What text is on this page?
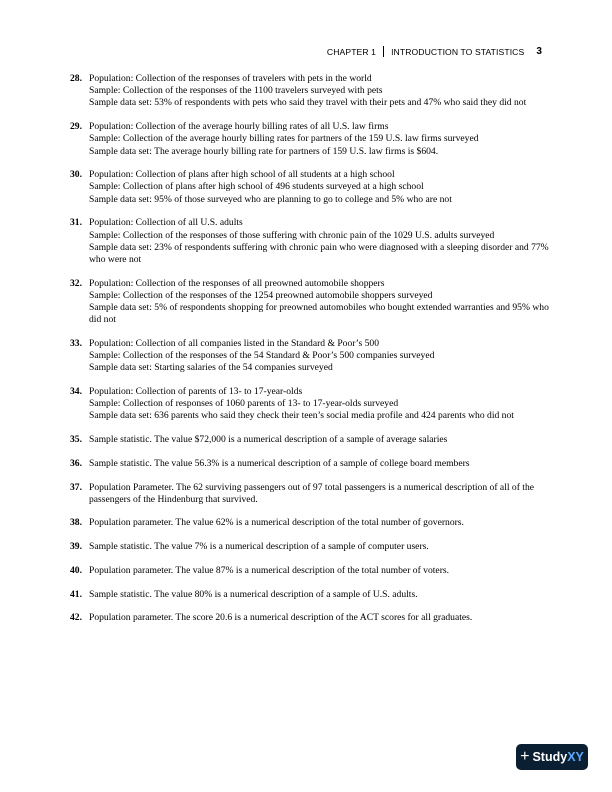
CHAPTER 1 INTRODUCTION TO STATISTICS 3
28. Population: Collection of the responses of travelers with pets in the world
Sample: Collection of the responses of the 1100 travelers surveyed with pets
Sample data set: 53% of respondents with pets who said they travel with their pets and 47% who said they did not
29. Population: Collection of the average hourly billing rates of all U.S. law firms
Sample: Collection of the average hourly billing rates for partners of the 159 U.S. law firms surveyed
Sample data set: The average hourly billing rate for partners of 159 U.S. law firms is $604.
30. Population: Collection of plans after high school of all students at a high school
Sample: Collection of plans after high school of 496 students surveyed at a high school
Sample data set: 95% of those surveyed who are planning to go to college and 5% who are not
31. Population: Collection of all U.S. adults
Sample: Collection of the responses of those suffering with chronic pain of the 1029 U.S. adults surveyed
Sample data set: 23% of respondents suffering with chronic pain who were diagnosed with a sleeping disorder and 77% who were not
32. Population: Collection of the responses of all preowned automobile shoppers
Sample: Collection of the responses of the 1254 preowned automobile shoppers surveyed
Sample data set: 5% of respondents shopping for preowned automobiles who bought extended warranties and 95% who did not
33. Population: Collection of all companies listed in the Standard & Poor’s 500
Sample: Collection of the responses of the 54 Standard & Poor’s 500 companies surveyed
Sample data set: Starting salaries of the 54 companies surveyed
34. Population: Collection of parents of 13- to 17-year-olds
Sample: Collection of responses of 1060 parents of 13- to 17-year-olds surveyed
Sample data set: 636 parents who said they check their teen’s social media profile and 424 parents who did not
35. Sample statistic. The value $72,000 is a numerical description of a sample of average salaries
36. Sample statistic. The value 56.3% is a numerical description of a sample of college board members
37. Population Parameter. The 62 surviving passengers out of 97 total passengers is a numerical description of all of the passengers of the Hindenburg that survived.
38. Population parameter. The value 62% is a numerical description of the total number of governors.
39. Sample statistic. The value 7% is a numerical description of a sample of computer users.
40. Population parameter. The value 87% is a numerical description of the total number of voters.
41. Sample statistic. The value 80% is a numerical description of a sample of U.S. adults.
42. Population parameter. The score 20.6 is a numerical description of the ACT scores for all graduates.
+ Study XY
